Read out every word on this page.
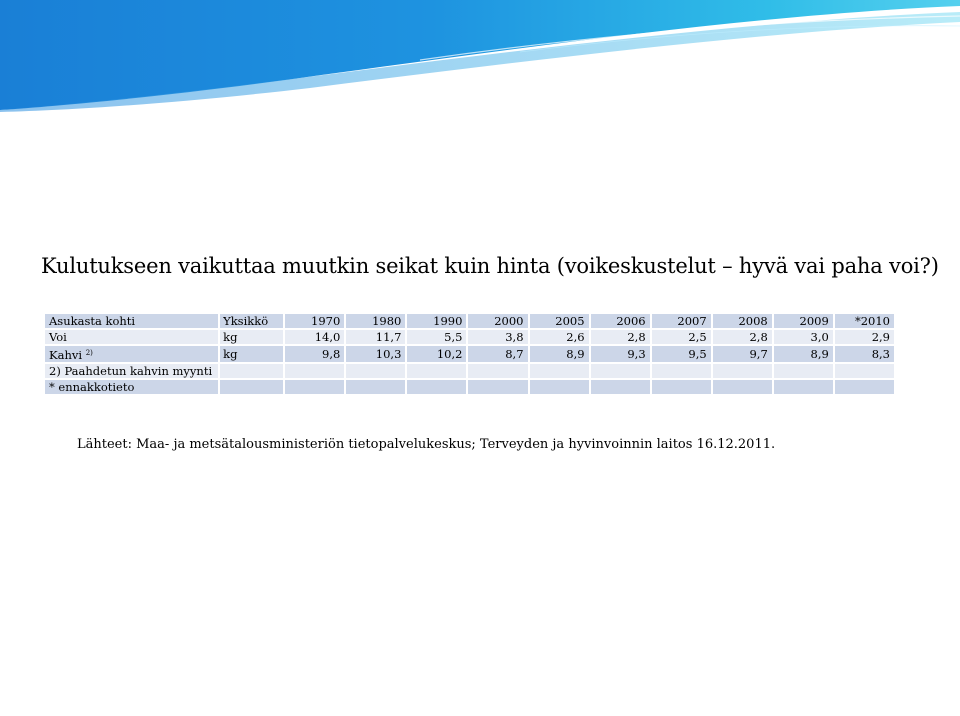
Kulutukseen vaikuttaa muutkin seikat kuin hinta (voikeskustelut – hyvä vai paha voi?)
Asukasta kohti	Yksikkö	1970	1980	1990	2000	2005	2006	2007	2008	2009	*2010
Voi	kg	14,0	11,7	5,5	3,8	2,6	2,8	2,5	2,8	3,0	2,9
Kahvi $^{2)}$	kg	9,8	10,3	10,2	8,7	8,9	9,3	9,5	9,7	8,9	8,3
2) Paahdetun kahvin myynti											
* ennakkotieto											

Lähteet: Maa- ja metsätalousministeriön tietopalvelukeskus; Terveyden ja hyvinvoinnin laitos 16.12.2011.
